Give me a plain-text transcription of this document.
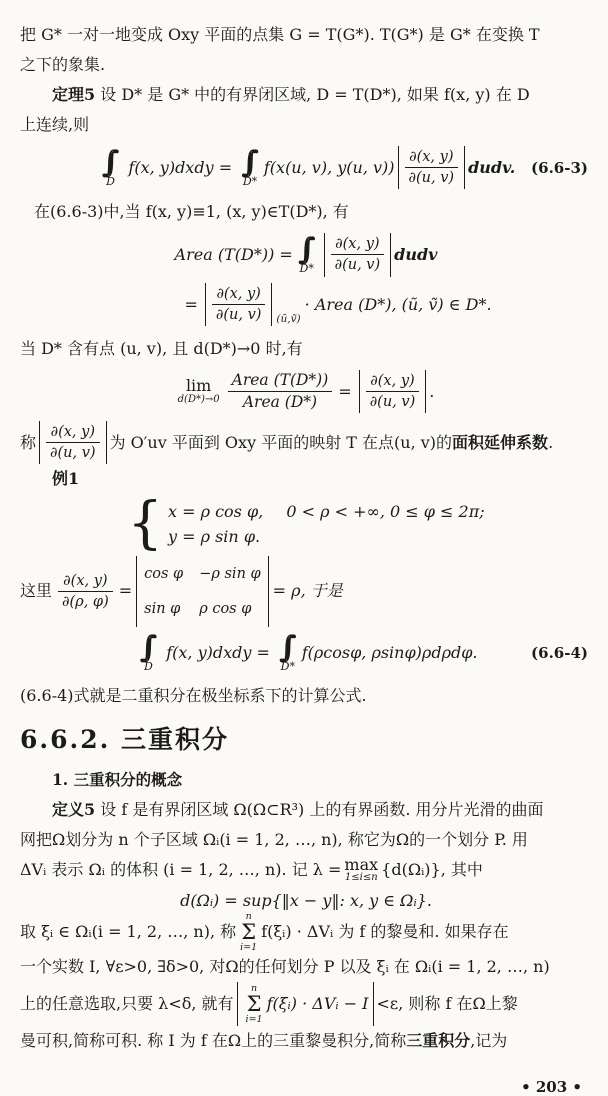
把 G* 一对一地变成 Oxy 平面的点集 G = T(G*). T(G*) 是 G* 在变换 T
之下的象集.
定理5 设 D* 是 G* 中的有界闭区域, D = T(D*), 如果 f(x, y) 在 D
上连续,则
∫∫
D
f(x, y)dxdy = ∫∫
D*
f(x(u, v), y(u, $v)) \frac{\partial(x, y)}{\partial(u, v)}$ dudv. (6.6-3)
在(6.6-3)中,当 f(x, y)≡1, (x, y)∈T(D*), 有
Area (T(D*)) = ∫∫
$D* \frac{\partial(x, y)}{\partial(u, v)}$ dudv
= $\frac{\partial(x, y)}{\partial(u, v)}$ (ũ,ṽ)
· Area (D*), (ũ, ṽ) ∈ D*.
当 D* 含有点 (u, v), 且 d(D*)→0 时,有
lim
$d(D*)\to 0 \frac{\text{Area (T(D*))}}{\text{Area (D*)}} = \frac{\partial(x, y)}{\partial(u, v)}$ .
称 $\frac{\partial(x, y)}{\partial(u, v)}$ 为 O′uv 平面到 Oxy 平面的映射 T 在点(u, v)的 面积延伸系数 .
例1
{ x = ρ cos φ, 0 < ρ < +∞, 0 ≤ φ ≤ 2π;
y = ρ sin φ.
这里 $\frac{\partial(x, y)}{\partial(\rho, \varphi)}$ =
cos φ −ρ sin φ
sin φ ρ cos φ
= ρ, 于是
∫∫
D
f(x, y)dxdy = ∫∫
D*
f(ρcosφ, ρsinφ)ρdρdφ.	(6.6-4)
(6.6-4)式就是二重积分在极坐标系下的计算公式.
6.6.2. 三重积分
1. 三重积分的概念
定义5 设 f 是有界闭区域 Ω(Ω⊂R³) 上的有界函数. 用分片光滑的曲面
网把Ω划分为 n 个子区域 Ωᵢ(i = 1, 2, …, n), 称它为Ω的一个划分 P. 用
ΔVᵢ 表示 Ωᵢ 的体积 (i = 1, 2, …, n). 记 λ = max
1≤i≤n {d(Ωᵢ)}, 其中
d(Ωᵢ) = sup{‖x − y‖: x, y ∈ Ωᵢ}.
取 ξᵢ ∈ Ωᵢ(i = 1, 2, …, n), 称
n
Σ
i=1
f(ξᵢ) · ΔVᵢ 为 f 的黎曼和. 如果存在
一个实数 I, ∀ε>0, ∃δ>0, 对Ω的任何划分 P 以及 ξᵢ 在 Ωᵢ(i = 1, 2, …, n)
上的任意选取,只要 λ<δ, 就有
n
Σ
i=1
f(ξᵢ) · ΔVᵢ − I <ε, 则称 f 在Ω上黎
曼可积,简称可积. 称 I 为 f 在Ω上的三重黎曼积分,简称三重积分,记为
• 203 •
